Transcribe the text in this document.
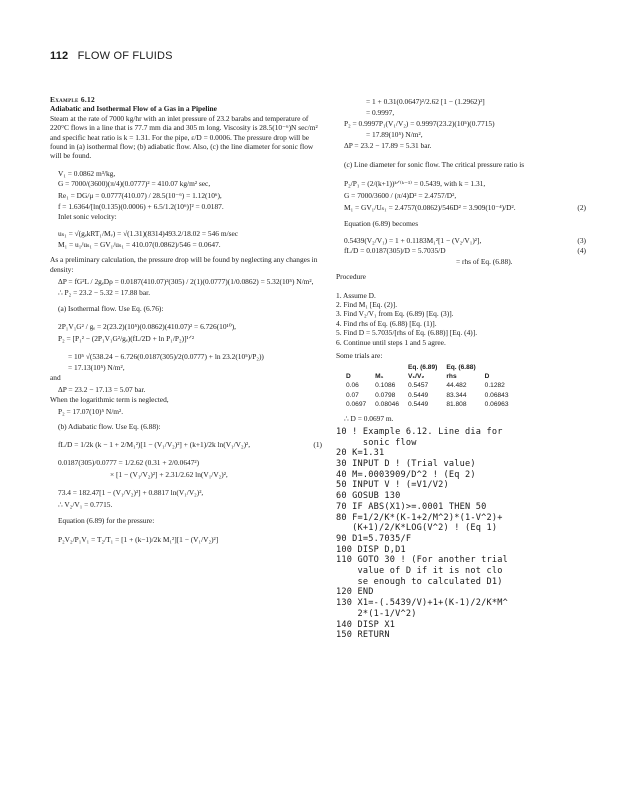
112 FLOW OF FLUIDS
Example 6.12
Adiabatic and Isothermal Flow of a Gas in a Pipeline
Steam at the rate of 7000 kg/hr with an inlet pressure of 23.2 barabs and temperature of 220°C flows in a line that is 77.7 mm dia and 305 m long. Viscosity is 28.5(10⁻⁶)N sec/m² and specific heat ratio is k = 1.31. For the pipe, ε/D = 0.0006. The pressure drop will be found in (a) isothermal flow; (b) adiabatic flow. Also, (c) the line diameter for sonic flow will be found.
V₁ = 0.0862 m³/kg,
G = 7000/(3600)(π/4)(0.0777)² = 410.07 kg/m² sec,
Re₁ = DG/μ = 0.0777(410.07) / 28.5(10⁻⁶) = 1.12(10⁶),
f = 1.6364/[ln(0.135)(0.0006) + 6.5/1.2(10⁶)]² = 0.0187.
Inlet sonic velocity:
uₛ₁ = √(gₑkRT₁/Mᵥ) = √(1.31)(8314)493.2/18.02 = 546 m/sec
M₁ = u₁/uₛ₁ = GV₁/uₛ₁ = 410.07(0.0862)/546 = 0.0647.
As a preliminary calculation, the pressure drop will be found by neglecting any changes in density:
ΔP = fG²L / 2gₑDρ = 0.0187(410.07)²(305) / 2(1)(0.0777)(1/0.0862) = 5.32(10⁵) N/m²,
∴ P₂ = 23.2 − 5.32 = 17.88 bar.
(a) Isothermal flow. Use Eq. (6.76):
2P₁V₁G² / gₑ = 2(23.2)(10⁵)(0.0862)(410.07)² = 6.726(10¹⁰),
P₂ = [P₁² − (2P₁V₁G²/gₑ)(fL/2D + ln P₁/P₂)]¹ᐟ²
= 10⁵ √(538.24 − 6.726(0.0187(305)/2(0.0777) + ln 23.2(10⁵)/P₂))
= 17.13(10⁵) N/m²,
and
ΔP = 23.2 − 17.13 = 5.07 bar.
When the logarithmic term is neglected,
P₂ = 17.07(10)⁵ N/m².
(b) Adiabatic flow. Use Eq. (6.88):
fL/D = 1/2k (k − 1 + 2/M₁²)[1 − (V₁/V₂)²] + (k+1)/2k ln(V₁/V₂)²,	(1)
0.0187(305)/0.0777 = 1/2.62 (0.31 + 2/0.0647²)
× [1 − (V₁/V₂)²] + 2.31/2.62 ln(V₁/V₂)²,
73.4 = 182.47[1 − (V₁/V₂)²] + 0.8817 ln(V₁/V₂)²,
∴ V₂/V₁ = 0.7715.
Equation (6.89) for the pressure:
P₂V₂/P₁V₁ = T₂/T₁ = [1 + (k−1)/2k M₁²][1 − (V₁/V₂)²]
= 1 + 0.31(0.0647)²/2.62 [1 − (1.2962)²]
= 0.9997,
P₂ = 0.9997P₁(V₁/V₂) = 0.9997(23.2)(10⁵)(0.7715)
= 17.89(10⁵) N/m²,
ΔP = 23.2 − 17.89 = 5.31 bar.
(c) Line diameter for sonic flow. The critical pressure ratio is
P₂/P₁ = (2/(k+1))ᵏᐟ⁽ᵏ⁻¹⁾ = 0.5439, with k = 1.31,
G = 7000/3600 / (π/4)D² = 2.4757/D²,
M₁ = GV₁/Uₛ₁ = 2.4757(0.0862)/546D² = 3.909(10⁻⁴)/D².	(2)
Equation (6.89) becomes
0.5439(V₂/V₁) = 1 + 0.1183M₁²[1 − (V₂/V₁)²],	(3)
fL/D = 0.0187(305)/D = 5.7035/D	(4)
= rhs of Eq. (6.88).
Procedure
1. Assume D.
2. Find M₁ [Eq. (2)].
3. Find V₂/V₁ from Eq. (6.89) [Eq. (3)].
4. Find rhs of Eq. (6.88) [Eq. (1)].
5. Find D = 5.7035/[rhs of Eq. (6.88)] [Eq. (4)].
6. Continue until steps 1 and 5 agree.
Some trials are:
		Eq. (6.89)	Eq. (6.88)	
D	M₁	V₁/V₂	rhs	D
0.06	0.1086	0.5457	44.482	0.1282
0.07	0.0798	0.5449	83.344	0.06843
0.0697	0.08046	0.5449	81.808	0.06963
∴ D = 0.0697 m.
10 ! Example 6.12. Line dia for
sonic flow
20 K=1.31
30 INPUT D ! (Trial value)
40 M=.0003909/D^2 ! (Eq 2)
50 INPUT V ! (=V1/V2)
60 GOSUB 130
70 IF ABS(X1)>=.0001 THEN 50
80 F=1/2/K*(K-1+2/M^2)*(1-V^2)+
(K+1)/2/K*LOG(V^2) ! (Eq 1)
90 D1=5.7035/F
100 DISP D,D1
110 GOTO 30 ! (For another trial
value of D if it is not clo
se enough to calculated D1)
120 END
130 X1=-(.5439/V)+1+(K-1)/2/K*M^
2*(1-1/V^2)
140 DISP X1
150 RETURN
